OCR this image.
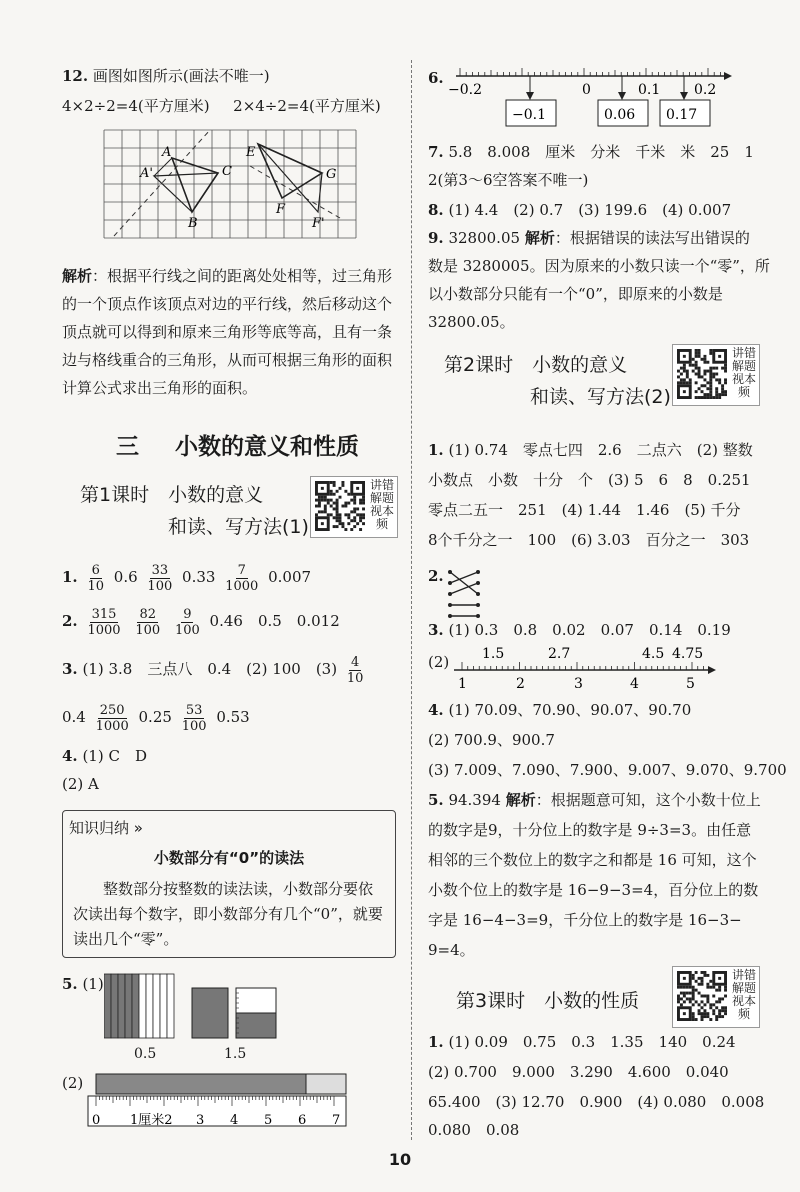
12. 画图如图所示(画法不唯一)
4×2÷2=4(平方厘米) 2×4÷2=4(平方厘米)
A
A'
B
C
E
F
F'
G
解析：根据平行线之间的距离处处相等，过三角形
的一个顶点作该顶点对边的平行线，然后移动这个
顶点就可以得到和原来三角形等底等高，且有一条
边与格线重合的三角形，从而可根据三角形的面积
计算公式求出三角形的面积。
三 小数的意义和性质
第1课时　小数的意义
和读、写方法(1)
讲错解题视本频
1. $\frac{6}{10} 0.6 \frac{33}{100} 0.33 \frac{7}{1000} 0.007$
2. $\frac{315}{1000}$
$\frac{82}{100}$
$\frac{9}{100} 0.46$　0.5　0.012
3. (1) 3.8　三点八　0.4　(2) 100　$(3) \frac{4}{10}$
$0.4 \frac{250}{1000} 0.25 \frac{53}{100} 0.53$
4. (1) C　D
(2) A
知识归纳 »
小数部分有“0”的读法
　　整数部分按整数的读法读，小数部分要依次读出每个数字，即小数部分有几个“0”，就要读出几个“零”。
5. (1)
0.5	1.5
(2)
0 1厘米2 3 4 5 6 7
6.
−0.2	0	0.1 0.2
−0.1	0.06 0.17
7. 5.8　8.008　厘米　分米　千米　米　25　1
2(第3～6空答案不唯一)
8. (1) 4.4　(2) 0.7　(3) 199.6　(4) 0.007
9. 32800.05 解析：根据错误的读法写出错误的
数是 3280005。因为原来的小数只读一个“零”，所
以小数部分只能有一个“0”，即原来的小数是
32800.05。
第2课时　小数的意义
和读、写方法(2)
讲错解题视本频
1. (1) 0.74　零点七四　2.6　二点六　(2) 整数
小数点　小数　十分　个　(3) 5　6　8　0.251
零点二五一　251　(4) 1.44　1.46　(5) 千分
8个千分之一　100　(6) 3.03　百分之一　303
2.
3. (1) 0.3　0.8　0.02　0.07　0.14　0.19
(2) 1.5	2.7	4.5 4.75
1	2	3	4	5
4. (1) 70.09、70.90、90.07、90.70
(2) 700.9、900.7
(3) 7.009、7.090、7.900、9.007、9.070、9.700
5. 94.394 解析：根据题意可知，这个小数十位上
的数字是9，十分位上的数字是 9÷3=3。由任意
相邻的三个数位上的数字之和都是 16 可知，这个
小数个位上的数字是 16−9−3=4，百分位上的数
字是 16−4−3=9，千分位上的数字是 16−3−
9=4。
第3课时　小数的性质
讲错解题视本频
1. (1) 0.09　0.75　0.3　1.35　140　0.24
(2) 0.700　9.000　3.290　4.600　0.040
65.400　(3) 12.70　0.900　(4) 0.080　0.008
0.080　0.08
10
